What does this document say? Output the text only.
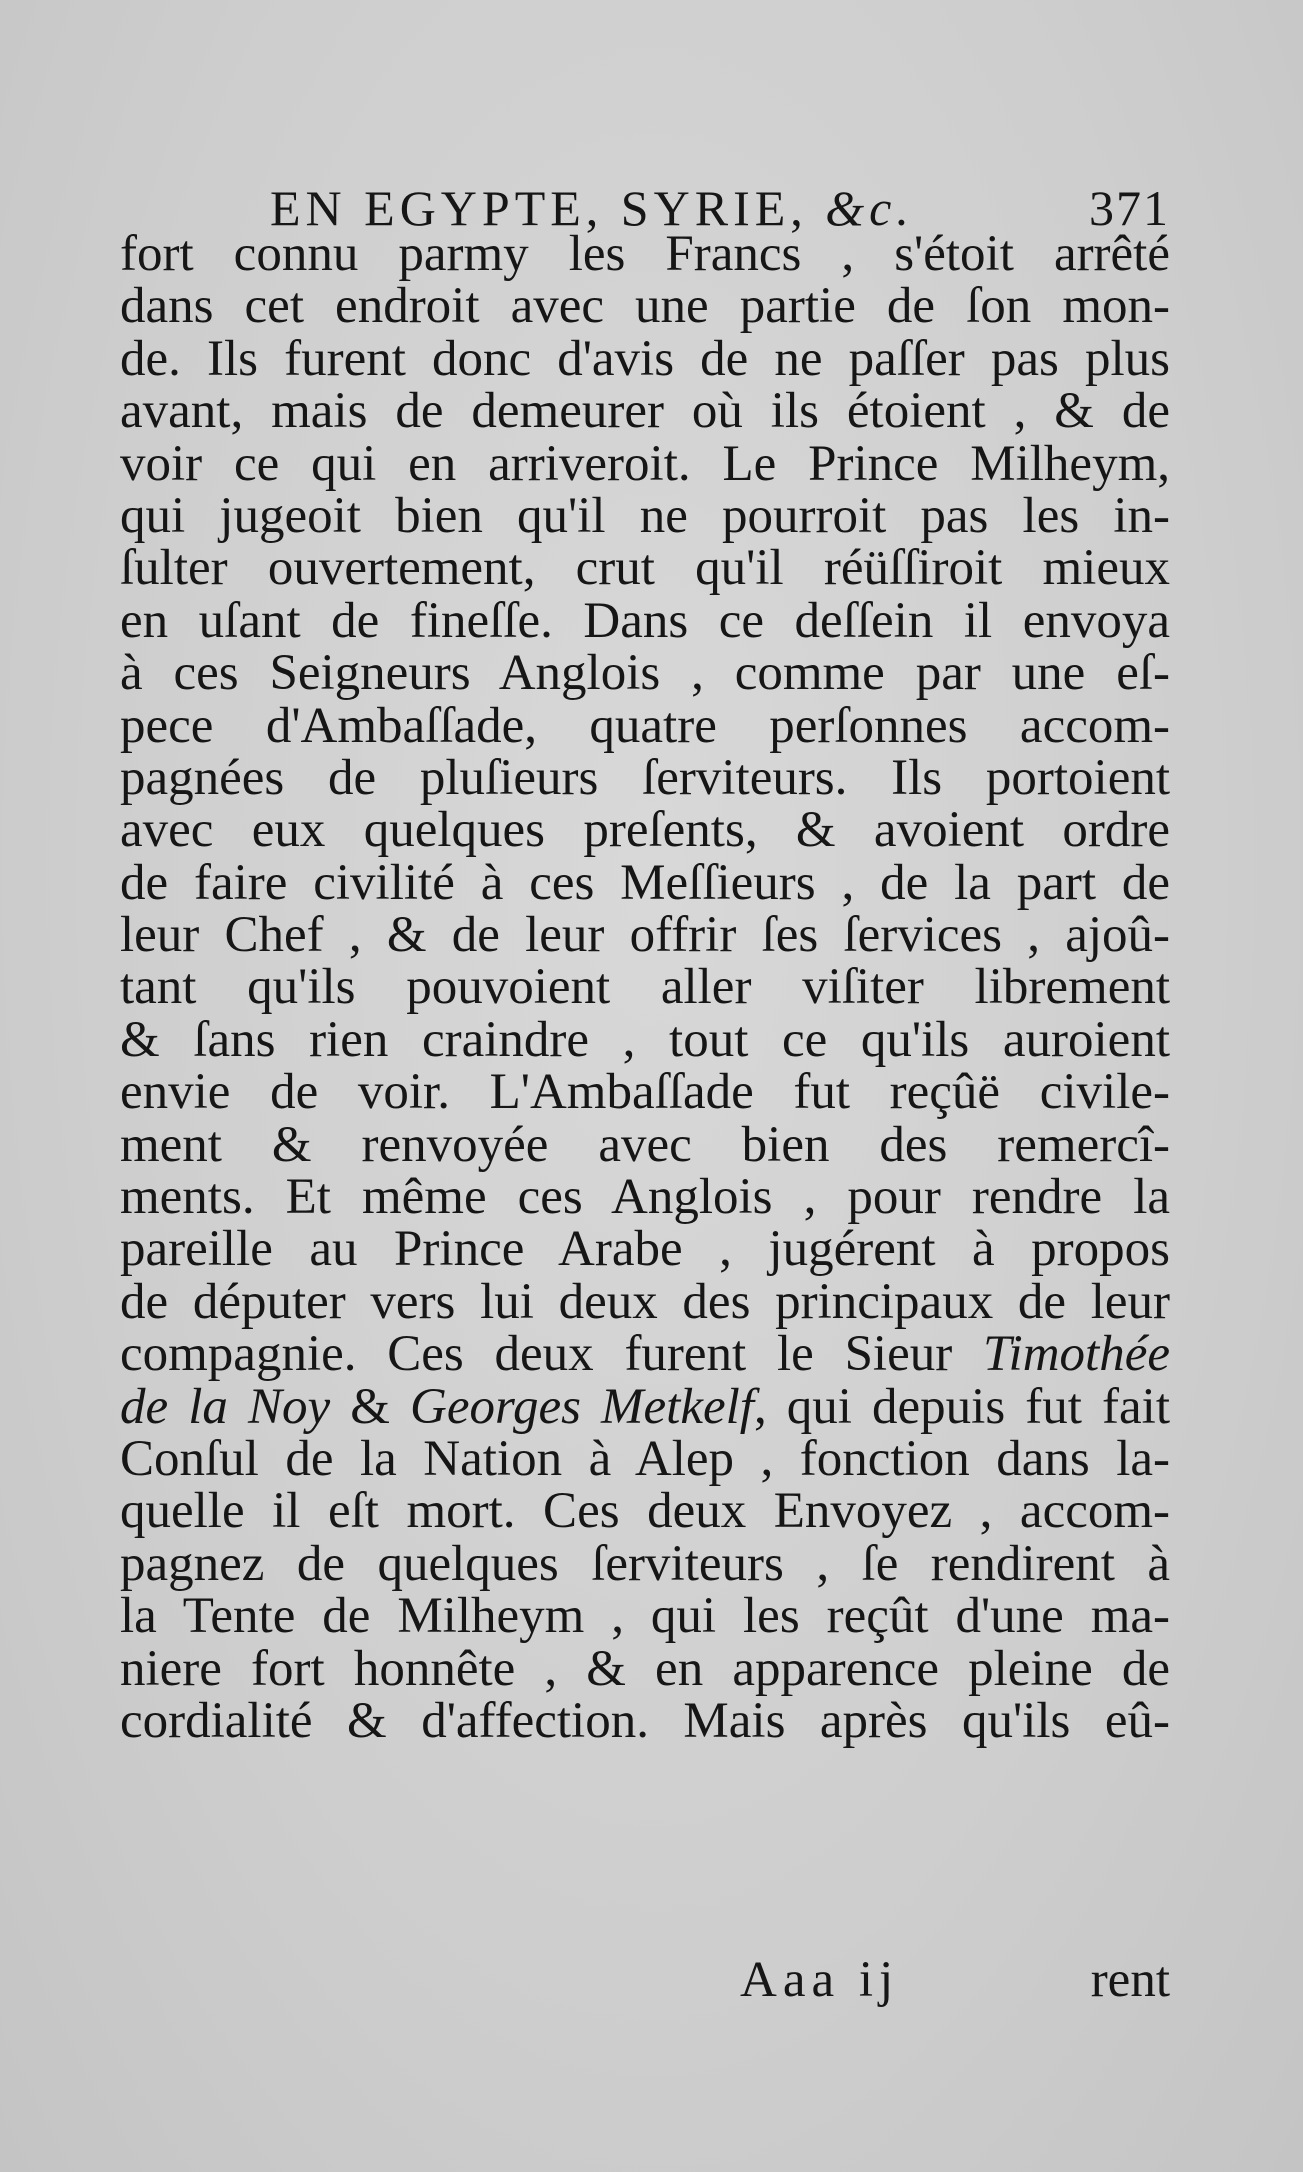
EN EGYPTE, SYRIE, &c.	371
fort connu parmy les Francs , s'étoit arrêté
dans cet endroit avec une partie de ſon mon-
de. Ils furent donc d'avis de ne paſſer pas plus
avant, mais de demeurer où ils étoient , & de
voir ce qui en arriveroit. Le Prince Milheym,
qui jugeoit bien qu'il ne pourroit pas les in-
ſulter ouvertement, crut qu'il réüſſiroit mieux
en uſant de fineſſe. Dans ce deſſein il envoya
à ces Seigneurs Anglois , comme par une eſ-
pece d'Ambaſſade, quatre perſonnes accom-
pagnées de pluſieurs ſerviteurs. Ils portoient
avec eux quelques preſents, & avoient ordre
de faire civilité à ces Meſſieurs , de la part de
leur Chef , & de leur offrir ſes ſervices , ajoû-
tant qu'ils pouvoient aller viſiter librement
& ſans rien craindre , tout ce qu'ils auroient
envie de voir. L'Ambaſſade fut reçûë civile-
ment & renvoyée avec bien des remercî-
ments. Et même ces Anglois , pour rendre la
pareille au Prince Arabe , jugérent à propos
de députer vers lui deux des principaux de leur
compagnie. Ces deux furent le Sieur Timothée
de la Noy & Georges Metkelf, qui depuis fut fait
Conſul de la Nation à Alep , fonction dans la-
quelle il eſt mort. Ces deux Envoyez , accom-
pagnez de quelques ſerviteurs , ſe rendirent à
la Tente de Milheym , qui les reçût d'une ma-
niere fort honnête , & en apparence pleine de
cordialité & d'affection. Mais après qu'ils eû-
Aaa ij	rent
